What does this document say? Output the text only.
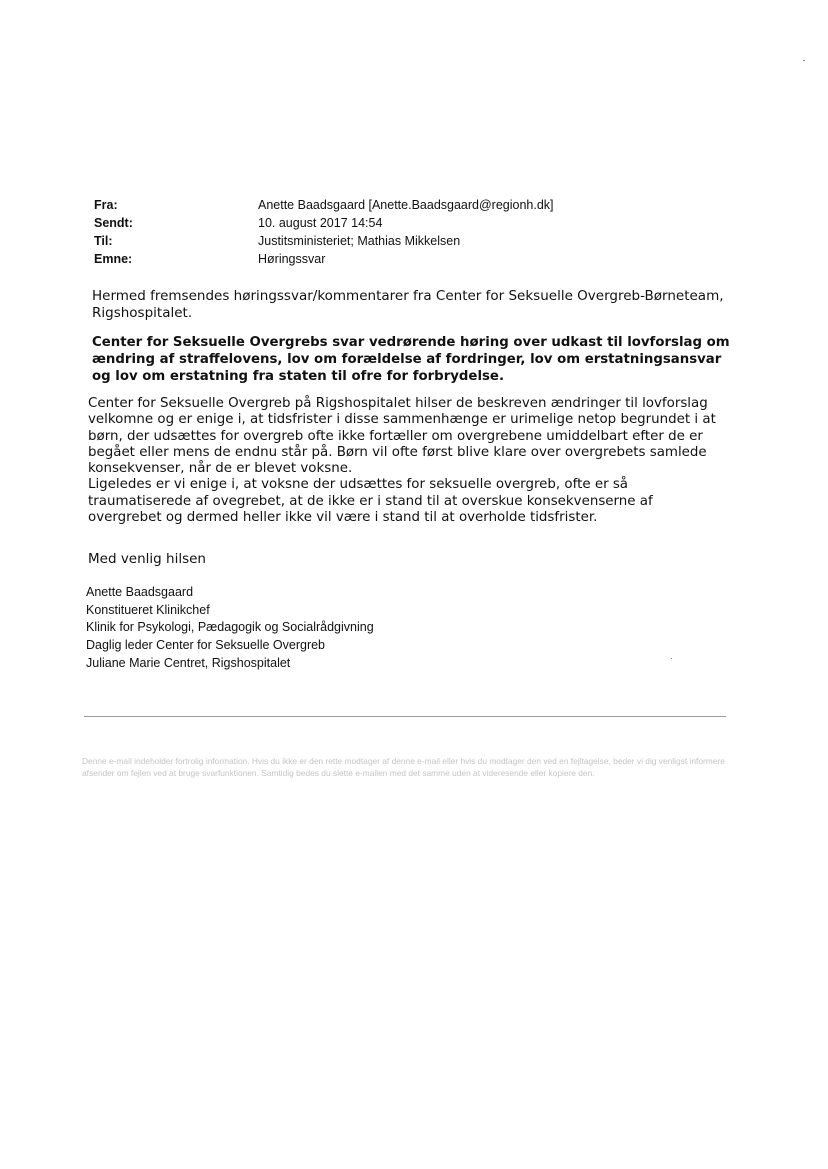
Fra:	Anette Baadsgaard [Anette.Baadsgaard@regionh.dk]
Sendt:	10. august 2017 14:54
Til:	Justitsministeriet; Mathias Mikkelsen
Emne:	Høringssvar
Hermed fremsendes høringssvar/kommentarer fra Center for Seksuelle Overgreb-Børneteam, Rigshospitalet.
Center for Seksuelle Overgrebs svar vedrørende høring over udkast til lovforslag om ændring af straffelovens, lov om forældelse af fordringer, lov om erstatningsansvar og lov om erstatning fra staten til ofre for forbrydelse.

Center for Seksuelle Overgreb på Rigshospitalet hilser de beskreven ændringer til lovforslag velkomne og er enige i, at tidsfrister i disse sammenhænge er urimelige netop begrundet i at børn, der udsættes for overgreb ofte ikke fortæller om overgrebene umiddelbart efter de er begået eller mens de endnu står på. Børn vil ofte først blive klare over overgrebets samlede konsekvenser, når de er blevet voksne.

Ligeledes er vi enige i, at voksne der udsættes for seksuelle overgreb, ofte er så traumatiserede af ovegrebet, at de ikke er i stand til at overskue konsekvenserne af overgrebet og dermed heller ikke vil være i stand til at overholde tidsfrister.

Med venlig hilsen
Anette Baadsgaard
Konstitueret Klinikchef
Klinik for Psykologi, Pædagogik og Socialrådgivning
Daglig leder Center for Seksuelle Overgreb
Juliane Marie Centret, Rigshospitalet
Denne e-mail indeholder fortrolig information. Hvis du ikke er den rette modtager af denne e-mail eller hvis du modtager den ved en fejltagelse, beder vi dig venligst informere afsender om fejlen ved at bruge svarfunktionen. Samtidig bedes du slette e-mailen med det samme uden at videresende eller kopiere den.
